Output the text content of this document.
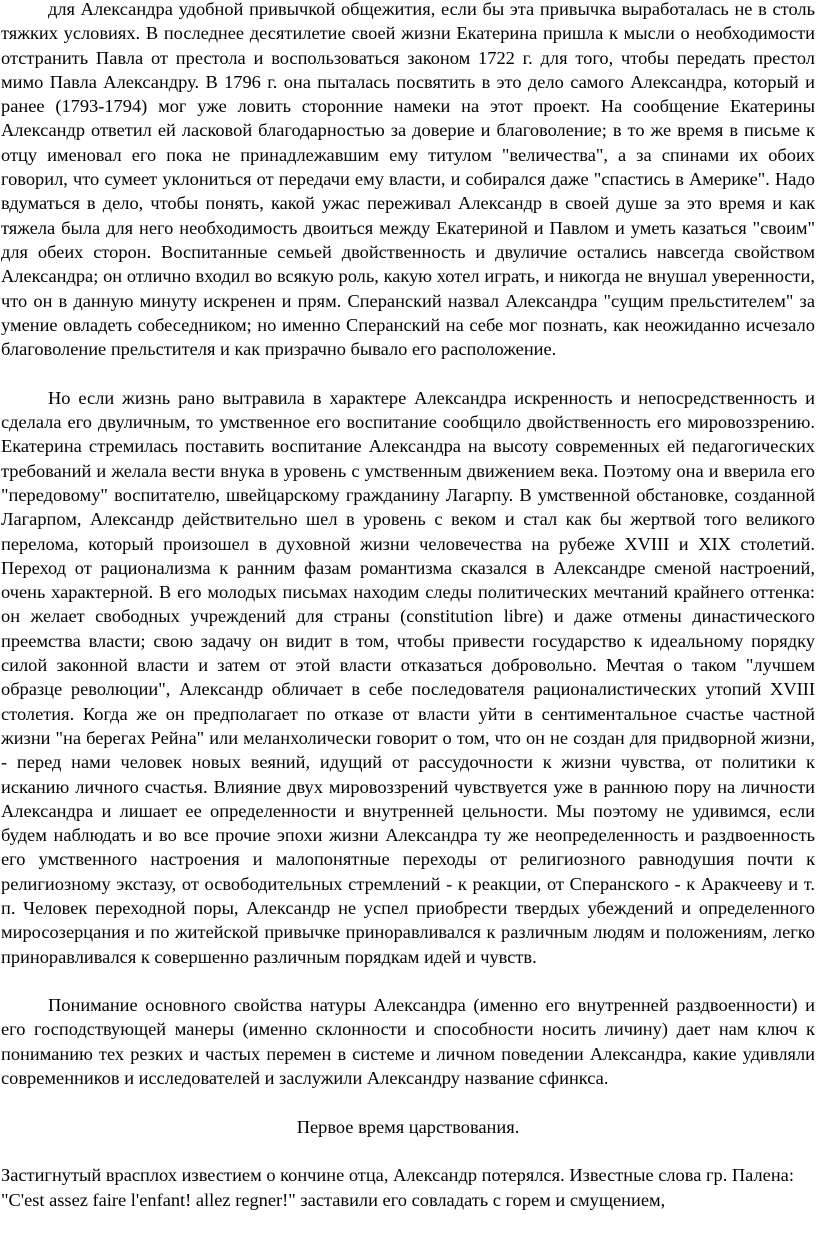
для Александра удобной привычкой общежития, если бы эта привычка выработалась не в столь тяжких условиях. В последнее десятилетие своей жизни Екатерина пришла к мысли о необходимости отстранить Павла от престола и воспользоваться законом 1722 г. для того, чтобы передать престол мимо Павла Александру. В 1796 г. она пыталась посвятить в это дело самого Александра, который и ранее (1793-1794) мог уже ловить сторонние намеки на этот проект. На сообщение Екатерины Александр ответил ей ласковой благодарностью за доверие и благоволение; в то же время в письме к отцу именовал его пока не принадлежавшим ему титулом "величества", а за спинами их обоих говорил, что сумеет уклониться от передачи ему власти, и собирался даже "спастись в Америке". Надо вдуматься в дело, чтобы понять, какой ужас переживал Александр в своей душе за это время и как тяжела была для него необходимость двоиться между Екатериной и Павлом и уметь казаться "своим" для обеих сторон. Воспитанные семьей двойственность и двуличие остались навсегда свойством Александра; он отлично входил во всякую роль, какую хотел играть, и никогда не внушал уверенности, что он в данную минуту искренен и прям. Сперанский назвал Александра "сущим прельстителем" за умение овладеть собеседником; но именно Сперанский на себе мог познать, как неожиданно исчезало благоволение прельстителя и как призрачно бывало его расположение.

Но если жизнь рано вытравила в характере Александра искренность и непосредственность и сделала его двуличным, то умственное его воспитание сообщило двойственность его мировоззрению. Екатерина стремилась поставить воспитание Александра на высоту современных ей педагогических требований и желала вести внука в уровень с умственным движением века. Поэтому она и вверила его "передовому" воспитателю, швейцарскому гражданину Лагарпу. В умственной обстановке, созданной Лагарпом, Александр действительно шел в уровень с веком и стал как бы жертвой того великого перелома, который произошел в духовной жизни человечества на рубеже XVIII и XIX столетий. Переход от рационализма к ранним фазам романтизма сказался в Александре сменой настроений, очень характерной. В его молодых письмах находим следы политических мечтаний крайнего оттенка: он желает свободных учреждений для страны (constitution libre) и даже отмены династического преемства власти; свою задачу он видит в том, чтобы привести государство к идеальному порядку силой законной власти и затем от этой власти отказаться добровольно. Мечтая о таком "лучшем образце революции", Александр обличает в себе последователя рационалистических утопий XVIII столетия. Когда же он предполагает по отказе от власти уйти в сентиментальное счастье частной жизни "на берегах Рейна" или меланхолически говорит о том, что он не создан для придворной жизни, - перед нами человек новых веяний, идущий от рассудочности к жизни чувства, от политики к исканию личного счастья. Влияние двух мировоззрений чувствуется уже в раннюю пору на личности Александра и лишает ее определенности и внутренней цельности. Мы поэтому не удивимся, если будем наблюдать и во все прочие эпохи жизни Александра ту же неопределенность и раздвоенность его умственного настроения и малопонятные переходы от религиозного равнодушия почти к религиозному экстазу, от освободительных стремлений - к реакции, от Сперанского - к Аракчееву и т. п. Человек переходной поры, Александр не успел приобрести твердых убеждений и определенного миросозерцания и по житейской привычке приноравливался к различным людям и положениям, легко приноравливался к совершенно различным порядкам идей и чувств.

Понимание основного свойства натуры Александра (именно его внутренней раздвоенности) и его господствующей манеры (именно склонности и способности носить личину) дает нам ключ к пониманию тех резких и частых перемен в системе и личном поведении Александра, какие удивляли современников и исследователей и заслужили Александру название сфинкса.

Первое время царствования.

Застигнутый врасплох известием о кончине отца, Александр потерялся. Известные слова гр. Палена: "C'est assez faire l'enfant! allez regner!" заставили его совладать с горем и смущением,
